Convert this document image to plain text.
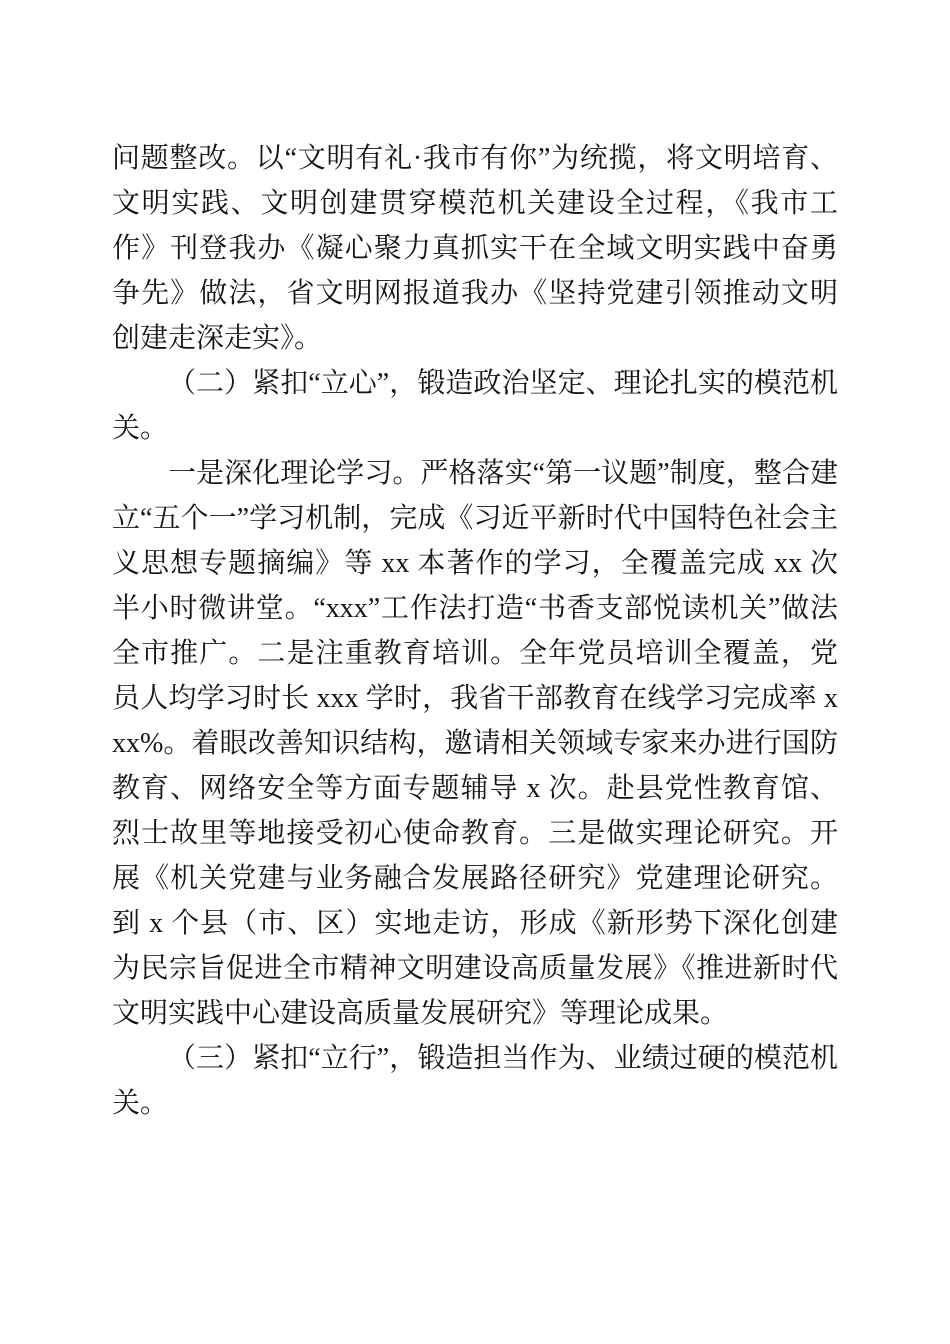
问题整改。以“文明有礼·我市有你”为统揽，将文明培育、文明实践、文明创建贯穿模范机关建设全过程，《我市工作》刊登我办《凝心聚力真抓实干在全域文明实践中奋勇争先》做法，省文明网报道我办《坚持党建引领推动文明创建走深走实》。

（二）紧扣“立心”，锻造政治坚定、理论扎实的模范机关。

一是深化理论学习。严格落实“第一议题”制度，整合建立“五个一”学习机制，完成《习近平新时代中国特色社会主义思想专题摘编》等 xx 本著作的学习，全覆盖完成 xx 次半小时微讲堂。“xxx”工作法打造“书香支部悦读机关”做法全市推广。二是注重教育培训。全年党员培训全覆盖，党员人均学习时长 xxx 学时，我省干部教育在线学习完成率 xxx%。着眼改善知识结构，邀请相关领域专家来办进行国防教育、网络安全等方面专题辅导 x 次。赴县党性教育馆、烈士故里等地接受初心使命教育。三是做实理论研究。开展《机关党建与业务融合发展路径研究》党建理论研究。到 x 个县（市、区）实地走访，形成《新形势下深化创建为民宗旨促进全市精神文明建设高质量发展》《推进新时代文明实践中心建设高质量发展研究》等理论成果。

（三）紧扣“立行”，锻造担当作为、业绩过硬的模范机关。
